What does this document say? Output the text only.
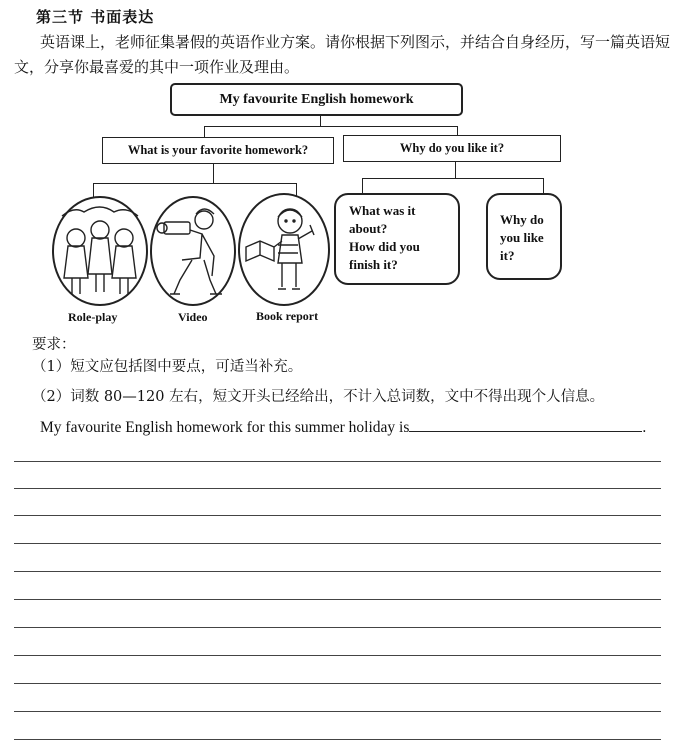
第三节 书面表达
英语课上，老师征集暑假的英语作业方案。请你根据下列图示，并结合自身经历，写一篇英语短文，分享你最喜爱的其中一项作业及理由。
My favourite English homework
What is your favorite homework?	Why do you like it?
What was it
about?
How did you
finish it?
Why do
you like
it?
Role-play	Video	Book report
要求：
（1）短文应包括图中要点，可适当补充。
（2）词数 80—120 左右，短文开头已经给出，不计入总词数，文中不得出现个人信息。
My favourite English homework for this summer holiday is	.
